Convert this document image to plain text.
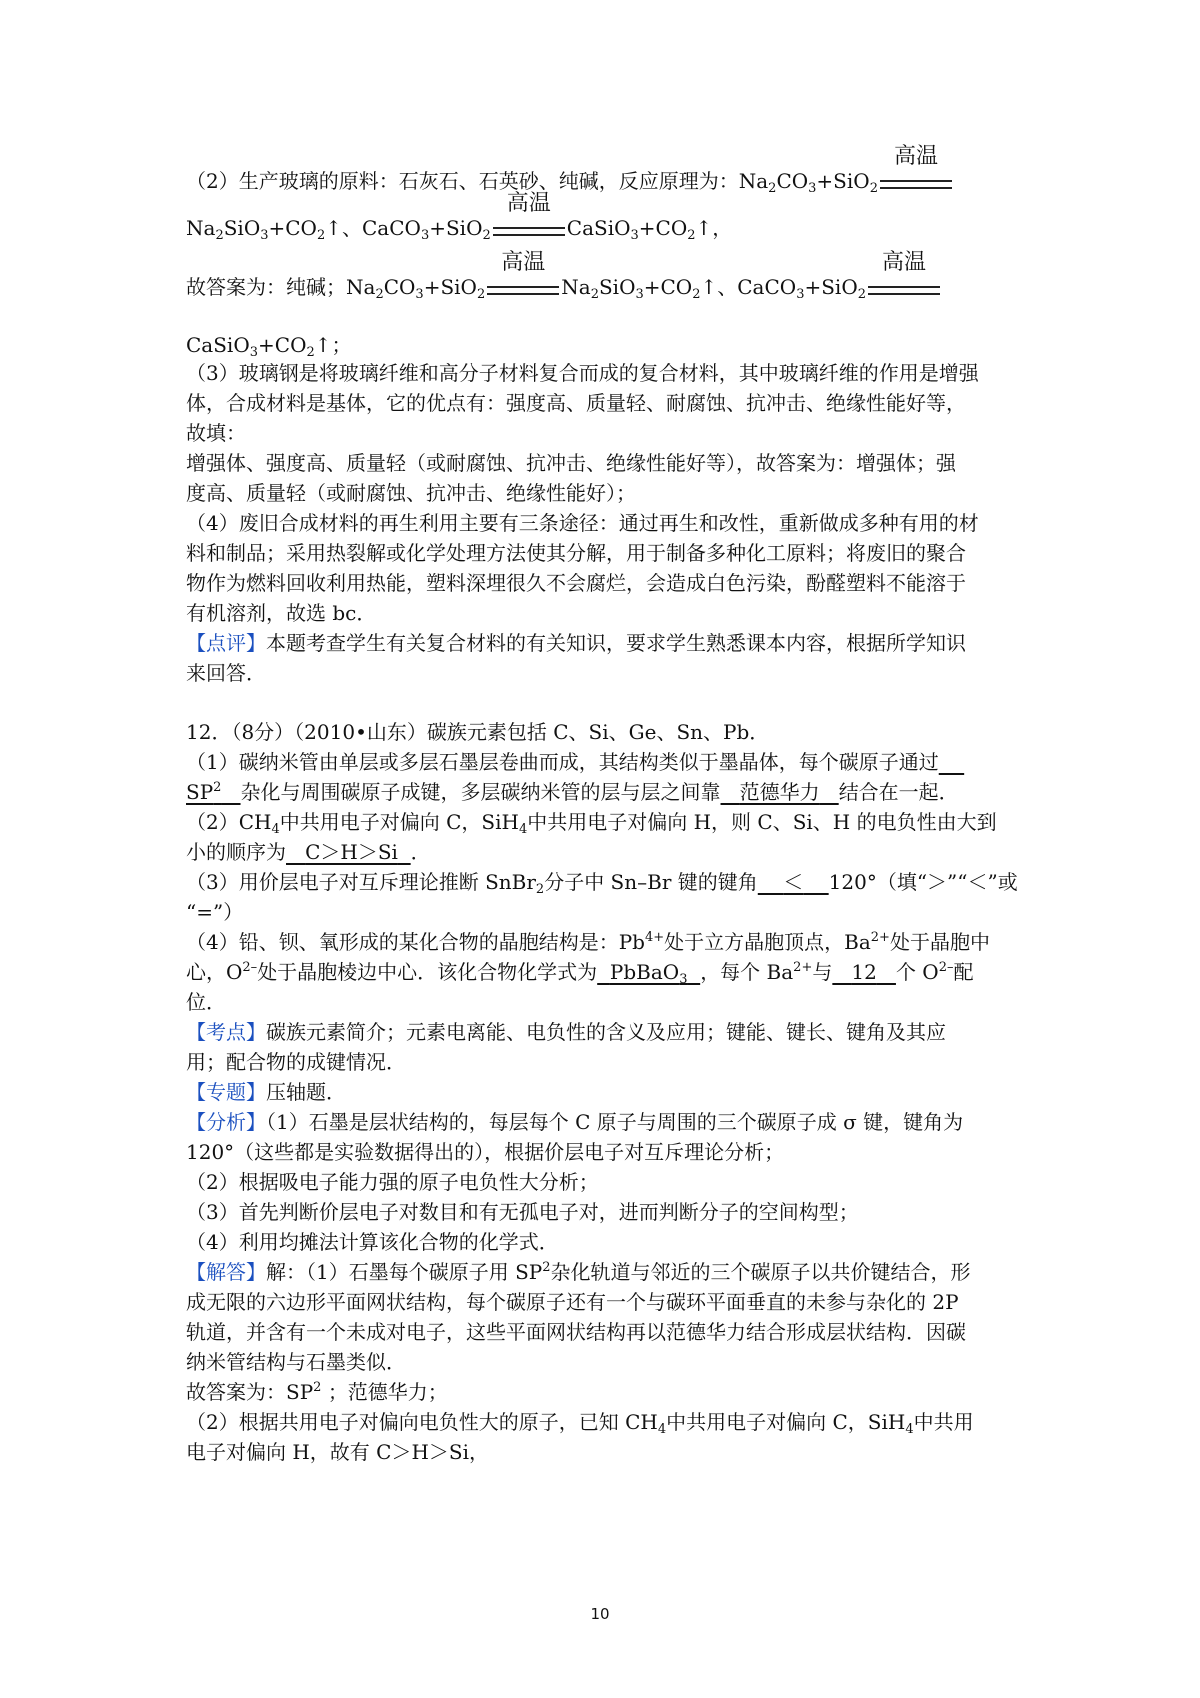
（2）生产玻璃的原料：石灰石、石英砂、纯碱，反应原理为：$Na_2CO_3+SiO_2$
高温
$Na_2SiO_3+CO_2↑$、CaCO$_3$+SiO$_2$
高温
$CaSiO_3+CO_2↑$，
故答案为：纯碱；$Na_2CO_3+SiO_2$
高温
$Na_2SiO_3+CO_2↑$、CaCO$_3$+SiO$_2$
高温
$CaSiO_3+CO_2↑$；
（3）玻璃钢是将玻璃纤维和高分子材料复合而成的复合材料，其中玻璃纤维的作用是增强
体，合成材料是基体，它的优点有：强度高、质量轻、耐腐蚀、抗冲击、绝缘性能好等，
故填：
增强体、强度高、质量轻（或耐腐蚀、抗冲击、绝缘性能好等），故答案为：增强体；强
度高、质量轻（或耐腐蚀、抗冲击、绝缘性能好）；
（4）废旧合成材料的再生利用主要有三条途径：通过再生和改性，重新做成多种有用的材
料和制品；采用热裂解或化学处理方法使其分解，用于制备多种化工原料；将废旧的聚合
物作为燃料回收利用热能，塑料深埋很久不会腐烂，会造成白色污染，酚醛塑料不能溶于
有机溶剂，故选 bc．
【点评】本题考查学生有关复合材料的有关知识，要求学生熟悉课本内容，根据所学知识
来回答．
12．（8分）（2010•山东）碳族元素包括 C、Si、Ge、Sn、Pb．
（1）碳纳米管由单层或多层石墨层卷曲而成，其结构类似于墨晶体，每个碳原子通过
$SP^2$ 杂化与周围碳原子成键，多层碳纳米管的层与层之间靠 范德华力 结合在一起．
$(2)CH_4$中共用电子对偏向 C，SiH$_4$中共用电子对偏向 H，则 C、Si、H 的电负性由大到
小的顺序为 C＞H＞Si ．
（3）用价层电子对互斥理论推断 SnBr$_2$分子中 Sn–Br 键的键角 ＜ 120°（填“＞”“＜”或
“=”）
（4）铅、钡、氧形成的某化合物的晶胞结构是：$Pb^{4+}$处于立方晶胞顶点，$Ba^{2+}$处于晶胞中
心，$O^{2-}$处于晶胞棱边中心．该化合物化学式为 PbBaO$_3$ ，每个 $Ba^{2+}$与 12 个 $O^{2-}$配
位．
【考点】碳族元素简介；元素电离能、电负性的含义及应用；键能、键长、键角及其应
用；配合物的成键情况．
【专题】压轴题．
【分析】（1）石墨是层状结构的，每层每个 C 原子与周围的三个碳原子成 σ 键，键角为
120°（这些都是实验数据得出的），根据价层电子对互斥理论分析；
（2）根据吸电子能力强的原子电负性大分析；
（3）首先判断价层电子对数目和有无孤电子对，进而判断分子的空间构型；
（4）利用均摊法计算该化合物的化学式．
【解答】解：（1）石墨每个碳原子用 $SP^2$杂化轨道与邻近的三个碳原子以共价键结合，形
成无限的六边形平面网状结构，每个碳原子还有一个与碳环平面垂直的未参与杂化的 2P
轨道，并含有一个未成对电子，这些平面网状结构再以范德华力结合形成层状结构．因碳
纳米管结构与石墨类似．
故答案为：$SP^2$ ；范德华力；
（2）根据共用电子对偏向电负性大的原子，已知 $CH_4$中共用电子对偏向 C，SiH$_4$中共用
电子对偏向 H，故有 C＞H＞Si，
10
